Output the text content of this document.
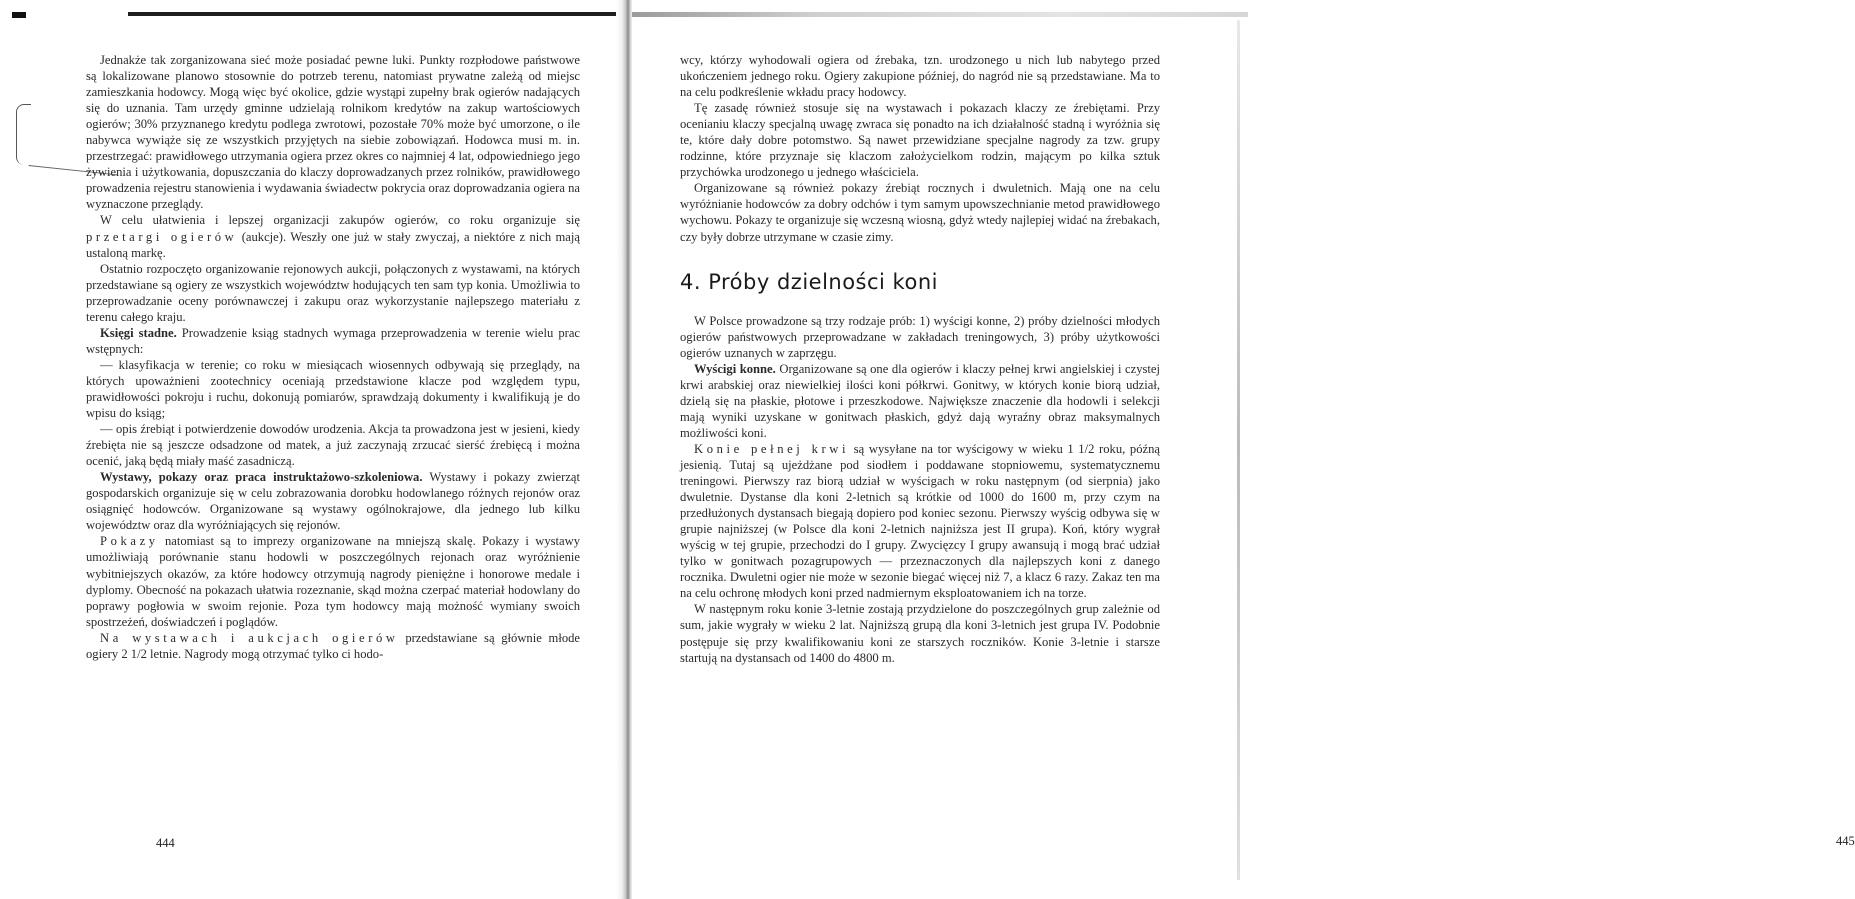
Jednakże tak zorganizowana sieć może posiadać pewne luki. Punkty rozpłodowe państwowe są lokalizowane planowo stosownie do potrzeb terenu, natomiast prywatne zależą od miejsc zamieszkania hodowcy. Mogą więc być okolice, gdzie wystąpi zupełny brak ogierów nadających się do uznania. Tam urzędy gminne udzielają rolnikom kredytów na zakup wartościowych ogierów; 30% przyznanego kredytu podlega zwrotowi, pozostałe 70% może być umorzone, o ile nabywca wywiąże się ze wszystkich przyjętych na siebie zobowiązań. Hodowca musi m. in. przestrzegać: prawidłowego utrzymania ogiera przez okres co najmniej 4 lat, odpowiedniego jego żywienia i użytkowania, dopuszczania do klaczy doprowadzanych przez rolników, prawidłowego prowadzenia rejestru stanowienia i wydawania świadectw pokrycia oraz doprowadzania ogiera na wyznaczone przeglądy.

W celu ułatwienia i lepszej organizacji zakupów ogierów, co roku organizuje się przetargi ogierów (aukcje). Weszły one już w stały zwyczaj, a niektóre z nich mają ustaloną markę.

Ostatnio rozpoczęto organizowanie rejonowych aukcji, połączonych z wystawami, na których przedstawiane są ogiery ze wszystkich województw hodujących ten sam typ konia. Umożliwia to przeprowadzanie oceny porównawczej i zakupu oraz wykorzystanie najlepszego materiału z terenu całego kraju.

Księgi stadne. Prowadzenie ksiąg stadnych wymaga przeprowadzenia w terenie wielu prac wstępnych:

— klasyfikacja w terenie; co roku w miesiącach wiosennych odbywają się przeglądy, na których upoważnieni zootechnicy oceniają przedstawione klacze pod względem typu, prawidłowości pokroju i ruchu, dokonują pomiarów, sprawdzają dokumenty i kwalifikują je do wpisu do ksiąg;

— opis źrebiąt i potwierdzenie dowodów urodzenia. Akcja ta prowadzona jest w jesieni, kiedy źrebięta nie są jeszcze odsadzone od matek, a już zaczynają zrzucać sierść źrebięcą i można ocenić, jaką będą miały maść zasadniczą.

Wystawy, pokazy oraz praca instruktażowo-szkoleniowa. Wystawy i pokazy zwierząt gospodarskich organizuje się w celu zobrazowania dorobku hodowlanego różnych rejonów oraz osiągnięć hodowców. Organizowane są wystawy ogólnokrajowe, dla jednego lub kilku województw oraz dla wyróżniających się rejonów.

Pokazy natomiast są to imprezy organizowane na mniejszą skalę. Pokazy i wystawy umożliwiają porównanie stanu hodowli w poszczególnych rejonach oraz wyróżnienie wybitniejszych okazów, za które hodowcy otrzymują nagrody pieniężne i honorowe medale i dyplomy. Obecność na pokazach ułatwia rozeznanie, skąd można czerpać materiał hodowlany do poprawy pogłowia w swoim rejonie. Poza tym hodowcy mają możność wymiany swoich spostrzeżeń, doświadczeń i poglądów.

Na wystawach i aukcjach ogierów przedstawiane są głównie młode ogiery 2 1/2 letnie. Nagrody mogą otrzymać tylko ci hodo-

444

wcy, którzy wyhodowali ogiera od źrebaka, tzn. urodzonego u nich lub nabytego przed ukończeniem jednego roku. Ogiery zakupione później, do nagród nie są przedstawiane. Ma to na celu podkreślenie wkładu pracy hodowcy.

Tę zasadę również stosuje się na wystawach i pokazach klaczy ze źrebiętami. Przy ocenianiu klaczy specjalną uwagę zwraca się ponadto na ich działalność stadną i wyróżnia się te, które dały dobre potomstwo. Są nawet przewidziane specjalne nagrody za tzw. grupy rodzinne, które przyznaje się klaczom założycielkom rodzin, mającym po kilka sztuk przychówka urodzonego u jednego właściciela.

Organizowane są również pokazy źrebiąt rocznych i dwuletnich. Mają one na celu wyróżnianie hodowców za dobry odchów i tym samym upowszechnianie metod prawidłowego wychowu. Pokazy te organizuje się wczesną wiosną, gdyż wtedy najlepiej widać na źrebakach, czy były dobrze utrzymane w czasie zimy.

4. Próby dzielności koni

W Polsce prowadzone są trzy rodzaje prób: 1) wyścigi konne, 2) próby dzielności młodych ogierów państwowych przeprowadzane w zakładach treningowych, 3) próby użytkowości ogierów uznanych w zaprzęgu.

Wyścigi konne. Organizowane są one dla ogierów i klaczy pełnej krwi angielskiej i czystej krwi arabskiej oraz niewielkiej ilości koni półkrwi. Gonitwy, w których konie biorą udział, dzielą się na płaskie, płotowe i przeszkodowe. Największe znaczenie dla hodowli i selekcji mają wyniki uzyskane w gonitwach płaskich, gdyż dają wyraźny obraz maksymalnych możliwości koni.

Konie pełnej krwi są wysyłane na tor wyścigowy w wieku 1 1/2 roku, późną jesienią. Tutaj są ujeżdżane pod siodłem i poddawane stopniowemu, systematycznemu treningowi. Pierwszy raz biorą udział w wyścigach w roku następnym (od sierpnia) jako dwuletnie. Dystanse dla koni 2-letnich są krótkie od 1000 do 1600 m, przy czym na przedłużonych dystansach biegają dopiero pod koniec sezonu. Pierwszy wyścig odbywa się w grupie najniższej (w Polsce dla koni 2-letnich najniższa jest II grupa). Koń, który wygrał wyścig w tej grupie, przechodzi do I grupy. Zwycięzcy I grupy awansują i mogą brać udział tylko w gonitwach pozagrupowych — przeznaczonych dla najlepszych koni z danego rocznika. Dwuletni ogier nie może w sezonie biegać więcej niż 7, a klacz 6 razy. Zakaz ten ma na celu ochronę młodych koni przed nadmiernym eksploatowaniem ich na torze.

W następnym roku konie 3-letnie zostają przydzielone do poszczególnych grup zależnie od sum, jakie wygrały w wieku 2 lat. Najniższą grupą dla koni 3-letnich jest grupa IV. Podobnie postępuje się przy kwalifikowaniu koni ze starszych roczników. Konie 3-letnie i starsze startują na dystansach od 1400 do 4800 m.

445
